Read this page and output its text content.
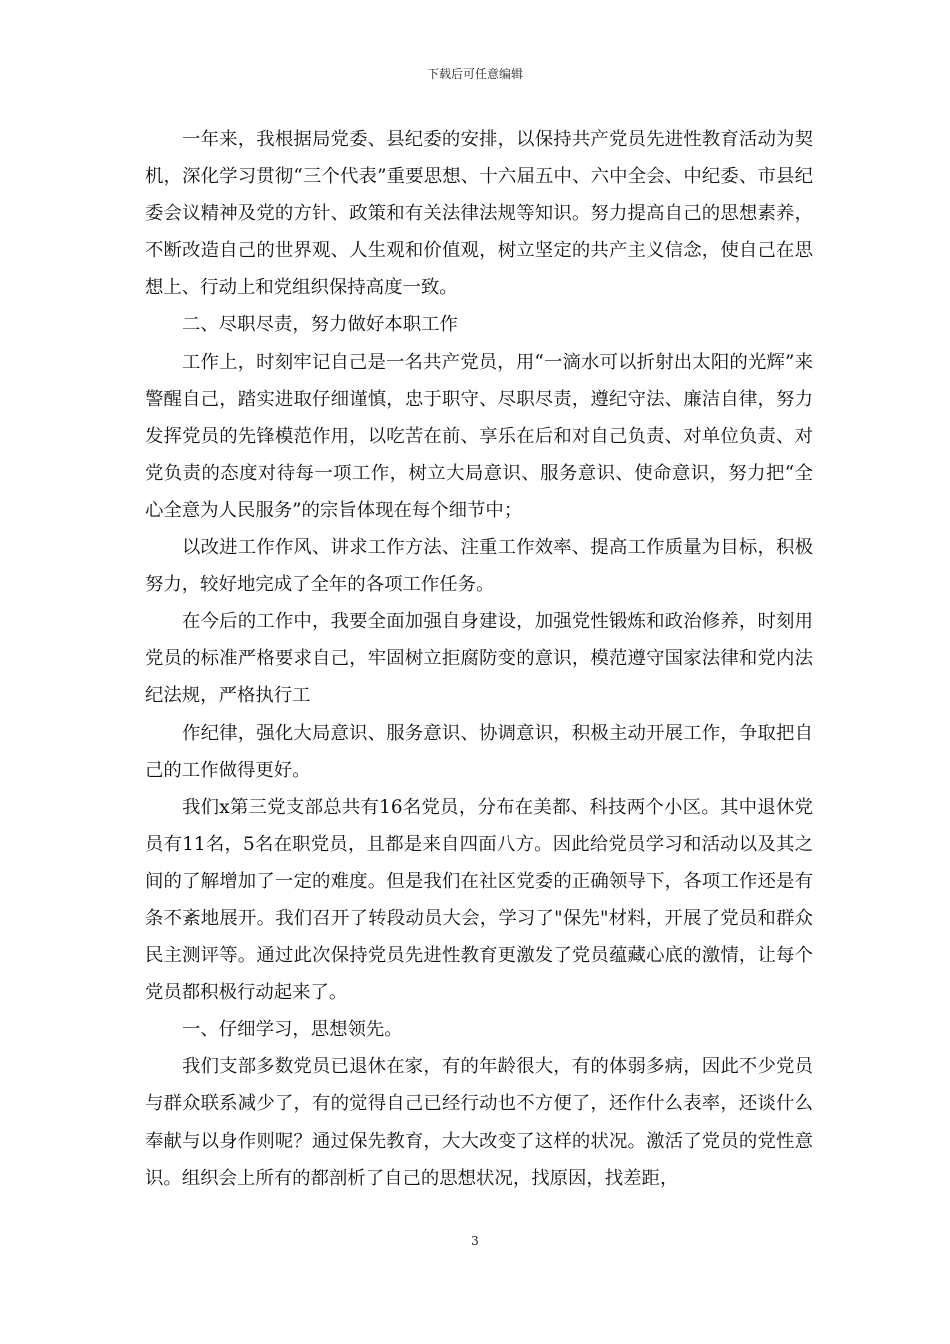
下载后可任意编辑

一年来，我根据局党委、县纪委的安排，以保持共产党员先进性教育活动为契机，深化学习贯彻“三个代表”重要思想、十六届五中、六中全会、中纪委、市县纪委会议精神及党的方针、政策和有关法律法规等知识。努力提高自己的思想素养，不断改造自己的世界观、人生观和价值观，树立坚定的共产主义信念，使自己在思想上、行动上和党组织保持高度一致。

二、尽职尽责，努力做好本职工作

工作上，时刻牢记自己是一名共产党员，用“一滴水可以折射出太阳的光辉”来警醒自己，踏实进取仔细谨慎，忠于职守、尽职尽责，遵纪守法、廉洁自律，努力发挥党员的先锋模范作用，以吃苦在前、享乐在后和对自己负责、对单位负责、对党负责的态度对待每一项工作，树立大局意识、服务意识、使命意识，努力把“全心全意为人民服务”的宗旨体现在每个细节中；

以改进工作作风、讲求工作方法、注重工作效率、提高工作质量为目标，积极努力，较好地完成了全年的各项工作任务。

在今后的工作中，我要全面加强自身建设，加强党性锻炼和政治修养，时刻用党员的标准严格要求自己，牢固树立拒腐防变的意识，模范遵守国家法律和党内法纪法规，严格执行工

作纪律，强化大局意识、服务意识、协调意识，积极主动开展工作，争取把自己的工作做得更好。

我们x第三党支部总共有16名党员，分布在美都、科技两个小区。其中退休党员有11名，5名在职党员，且都是来自四面八方。因此给党员学习和活动以及其之间的了解增加了一定的难度。但是我们在社区党委的正确领导下，各项工作还是有条不紊地展开。我们召开了转段动员大会，学习了"保先"材料，开展了党员和群众民主测评等。通过此次保持党员先进性教育更激发了党员蕴藏心底的激情，让每个党员都积极行动起来了。

一、仔细学习，思想领先。

我们支部多数党员已退休在家，有的年龄很大，有的体弱多病，因此不少党员与群众联系减少了，有的觉得自己已经行动也不方便了，还作什么表率，还谈什么奉献与以身作则呢？通过保先教育，大大改变了这样的状况。激活了党员的党性意识。组织会上所有的都剖析了自己的思想状况，找原因，找差距，

3
